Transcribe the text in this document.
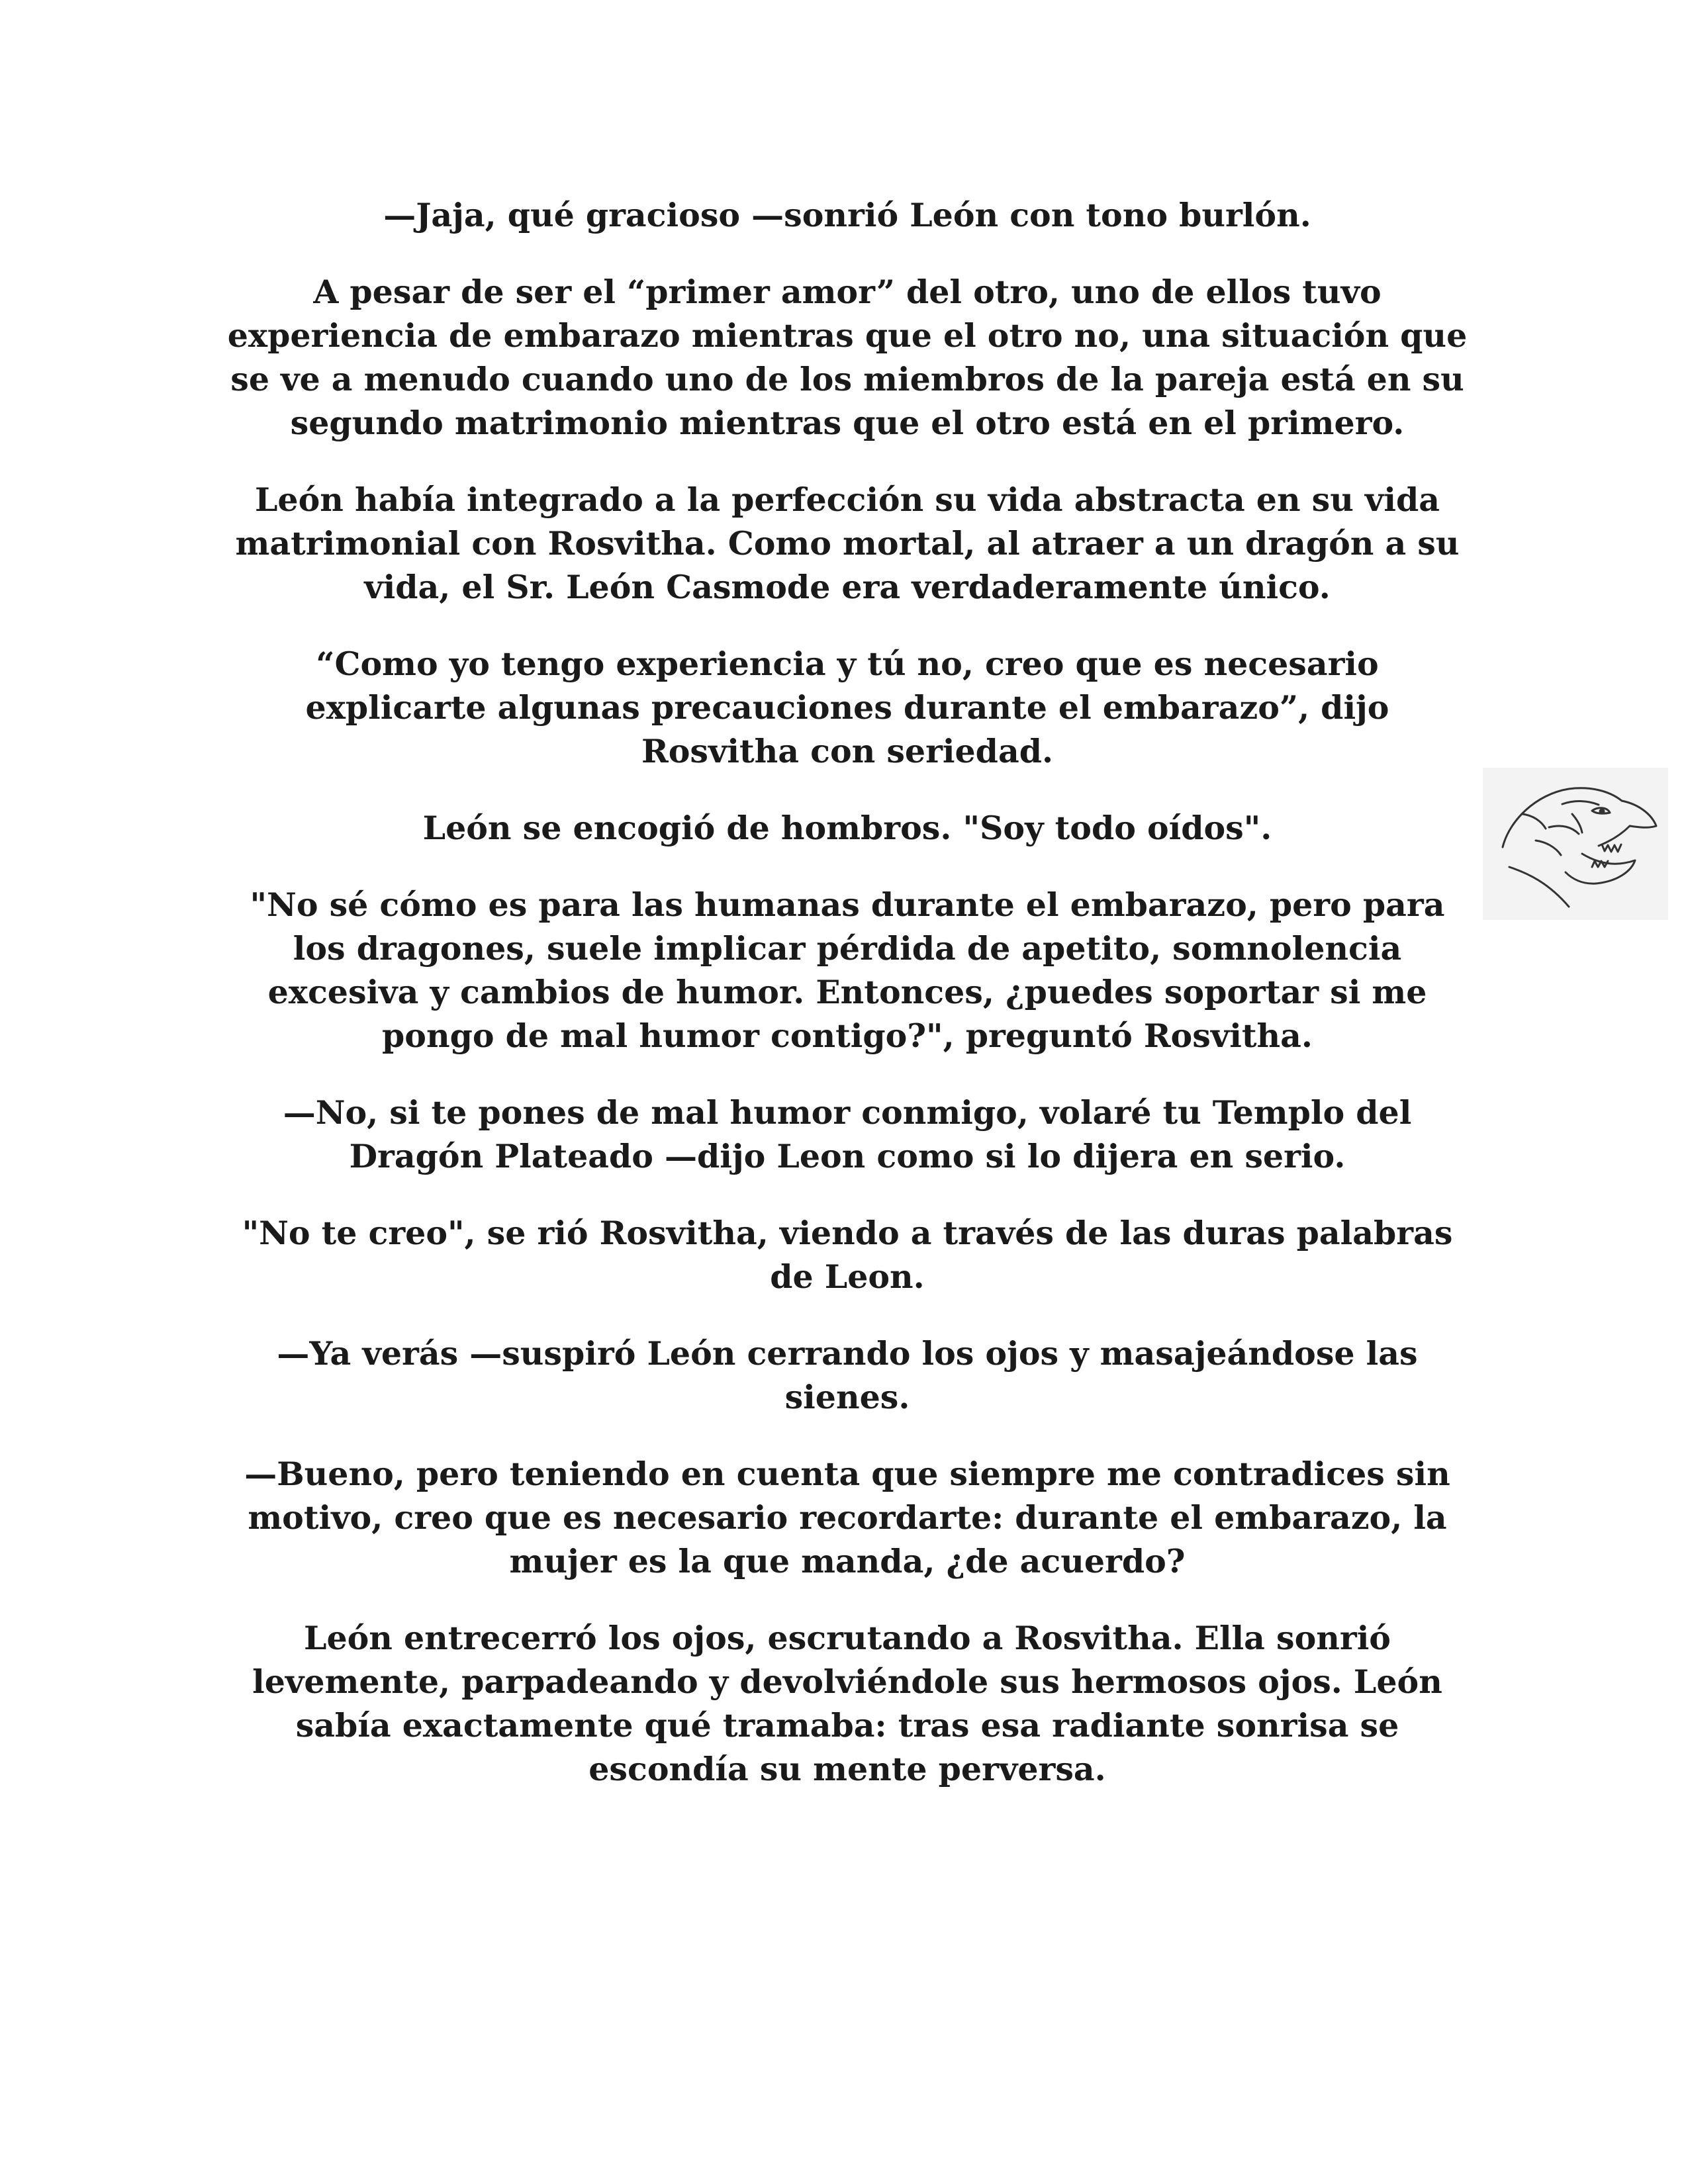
—Jaja, qué gracioso —sonrió León con tono burlón.

A pesar de ser el “primer amor” del otro, uno de ellos tuvo experiencia de embarazo mientras que el otro no, una situación que se ve a menudo cuando uno de los miembros de la pareja está en su segundo matrimonio mientras que el otro está en el primero.

León había integrado a la perfección su vida abstracta en su vida matrimonial con Rosvitha. Como mortal, al atraer a un dragón a su vida, el Sr. León Casmode era verdaderamente único.

“Como yo tengo experiencia y tú no, creo que es necesario explicarte algunas precauciones durante el embarazo”, dijo Rosvitha con seriedad.

León se encogió de hombros. "Soy todo oídos".

"No sé cómo es para las humanas durante el embarazo, pero para los dragones, suele implicar pérdida de apetito, somnolencia excesiva y cambios de humor. Entonces, ¿puedes soportar si me pongo de mal humor contigo?", preguntó Rosvitha.

—No, si te pones de mal humor conmigo, volaré tu Templo del Dragón Plateado —dijo Leon como si lo dijera en serio.

"No te creo", se rió Rosvitha, viendo a través de las duras palabras de Leon.

—Ya verás —suspiró León cerrando los ojos y masajeándose las sienes.

—Bueno, pero teniendo en cuenta que siempre me contradices sin motivo, creo que es necesario recordarte: durante el embarazo, la mujer es la que manda, ¿de acuerdo?

León entrecerró los ojos, escrutando a Rosvitha. Ella sonrió levemente, parpadeando y devolviéndole sus hermosos ojos. León sabía exactamente qué tramaba: tras esa radiante sonrisa se escondía su mente perversa.
